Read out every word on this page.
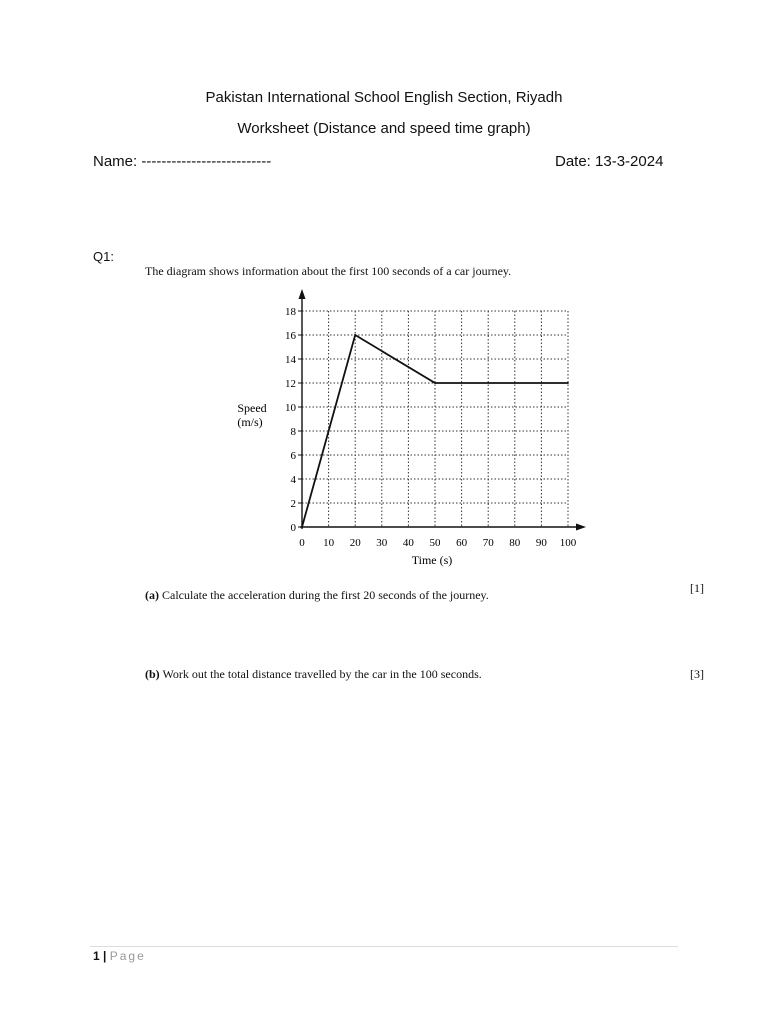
Pakistan International School English Section, Riyadh
Worksheet (Distance and speed time graph)
Name: --------------------------	Date: 13-3-2024
Q1:
The diagram shows information about the first 100 seconds of a car journey.
0
2
4
6
8
10
12
14
16
18
0 10 20 30 40 50 60 70 80 90 100
Speed
(m/s)
Time (s)
(a) Calculate the acceleration during the first 20 seconds of the journey.	[1]
(b) Work out the total distance travelled by the car in the 100 seconds.	[3]
1 | Page
